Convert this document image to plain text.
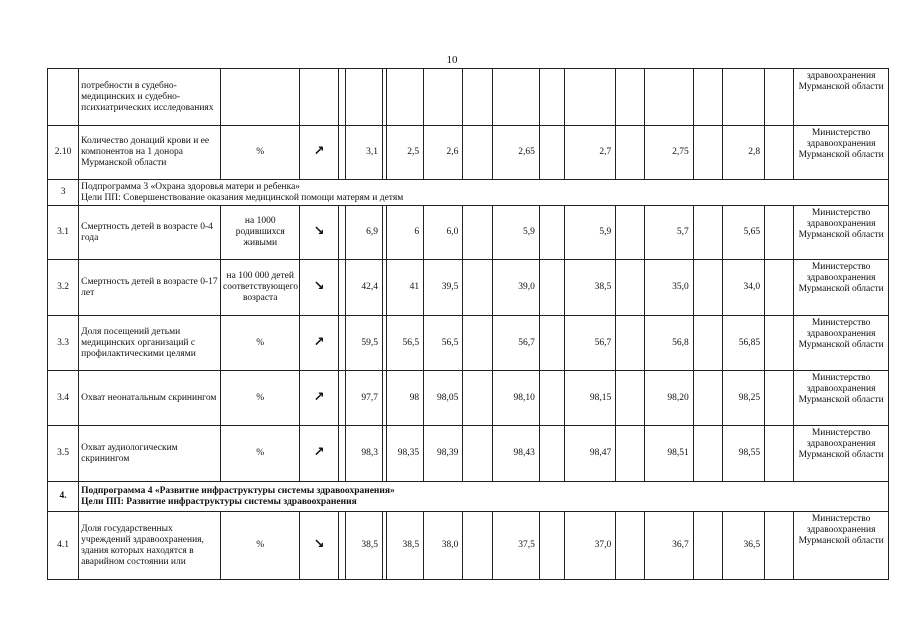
10
	потребности в судебно-медицинских и судебно-психиатрических исследованиях																	здравоохранения Мурманской области
2.10	Количество донаций крови и ее компонентов на 1 донора Мурманской области	%	↗		3,1		2,5	2,6		2,65		2,7		2,75		2,8		Министерство здравоохранения Мурманской области
3	Подпрограмма 3 «Охрана здоровья матери и ребенка»
Цели ПП: Совершенствование оказания медицинской помощи матерям и детям																	

3.1	Смертность детей в возрасте 0-4 года	на 1000 родившихся живыми	↘		6,9		6	6,0		5,9		5,9		5,7		5,65		Министерство здравоохранения Мурманской области
3.2	Смертность детей в возрасте 0-17 лет	на 100 000 детей соответствующего возраста	↘		42,4		41	39,5		39,0		38,5		35,0		34,0		Министерство здравоохранения Мурманской области
3.3	Доля посещений детьми медицинских организаций с профилактическими целями	%	↗		59,5		56,5	56,5		56,7		56,7		56,8		56,85		Министерство здравоохранения Мурманской области
3.4	Охват неонатальным скринингом	%	↗		97,7		98	98,05		98,10		98,15		98,20		98,25		Министерство здравоохранения Мурманской области
3.5	Охват аудиологическим скринингом	%	↗		98,3		98,35	98,39		98,43		98,47		98,51		98,55		Министерство здравоохранения Мурманской области
4.	Подпрограмма 4 «Развитие инфраструктуры системы здравоохранения»
Цели ПП: Развитие инфраструктуры системы здравоохранения																	

4.1	Доля государственных учреждений здравоохранения, здания которых находятся в аварийном состоянии или	%	↘		38,5		38,5	38,0		37,5		37,0		36,7		36,5		Министерство здравоохранения Мурманской области
